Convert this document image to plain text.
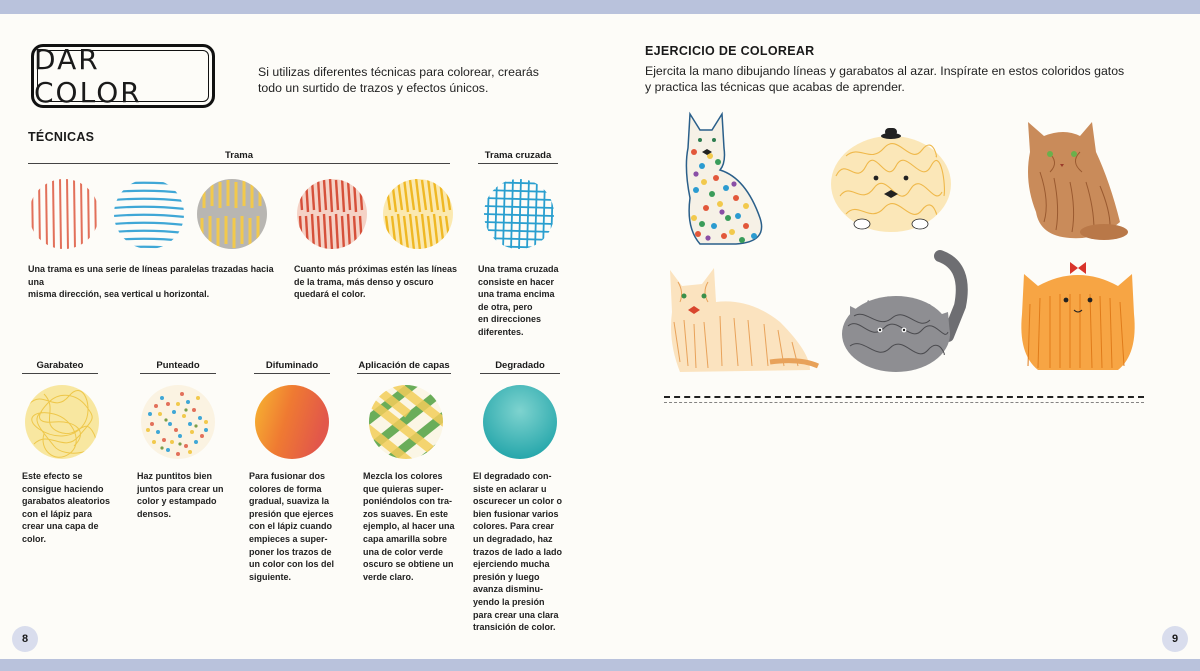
DAR COLOR
Si utilizas diferentes técnicas para colorear, crearás
todo un surtido de trazos y efectos únicos.
TÉCNICAS
Trama	Trama cruzada
Una trama es una serie de líneas paralelas trazadas hacia una
misma dirección, sea vertical u horizontal.
Cuanto más próximas estén las líneas
de la trama, más denso y oscuro
quedará el color.
Una trama cruzada
consiste en hacer
una trama encima
de otra, pero
en direcciones
diferentes.
Garabateo	Punteado	Difuminado	Aplicación de capas	Degradado
Este efecto se
consigue haciendo
garabatos aleatorios
con el lápiz para
crear una capa de
color.
Haz puntitos bien
juntos para crear un
color y estampado
densos.
Para fusionar dos
colores de forma
gradual, suaviza la
presión que ejerces
con el lápiz cuando
empieces a super-
poner los trazos de
un color con los del
siguiente.
Mezcla los colores
que quieras super-
poniéndolos con tra-
zos suaves. En este
ejemplo, al hacer una
capa amarilla sobre
una de color verde
oscuro se obtiene un
verde claro.
El degradado con-
siste en aclarar u
oscurecer un color o
bien fusionar varios
colores. Para crear
un degradado, haz
trazos de lado a lado
ejerciendo mucha
presión y luego
avanza disminu-
yendo la presión
para crear una clara
transición de color.
8
EJERCICIO DE COLOREAR
Ejercita la mano dibujando líneas y garabatos al azar. Inspírate en estos coloridos gatos
y practica las técnicas que acabas de aprender.
9
